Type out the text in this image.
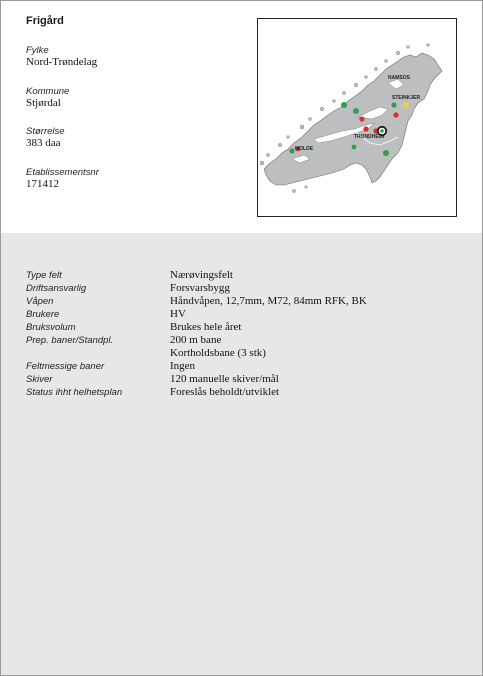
Frigård
Fylke
Nord-Trøndelag
Kommune
Stjørdal
Størrelse
383 daa
Etablissementsnr
171412
NAMSOS
STEINKJER
TRONDHEIM
MOLDE
Type felt	Nærøvingsfelt
Driftsansvarlig	Forsvarsbygg
Våpen	Håndvåpen, 12,7mm, M72, 84mm RFK, BK
Brukere	HV
Bruksvolum	Brukes hele året
Prep. baner/Standpl.	200 m bane
Kortholdsbane (3 stk)
Feltmessige baner	Ingen
Skiver	120 manuelle skiver/mål
Status ihht helhetsplan	Foreslås beholdt/utviklet
